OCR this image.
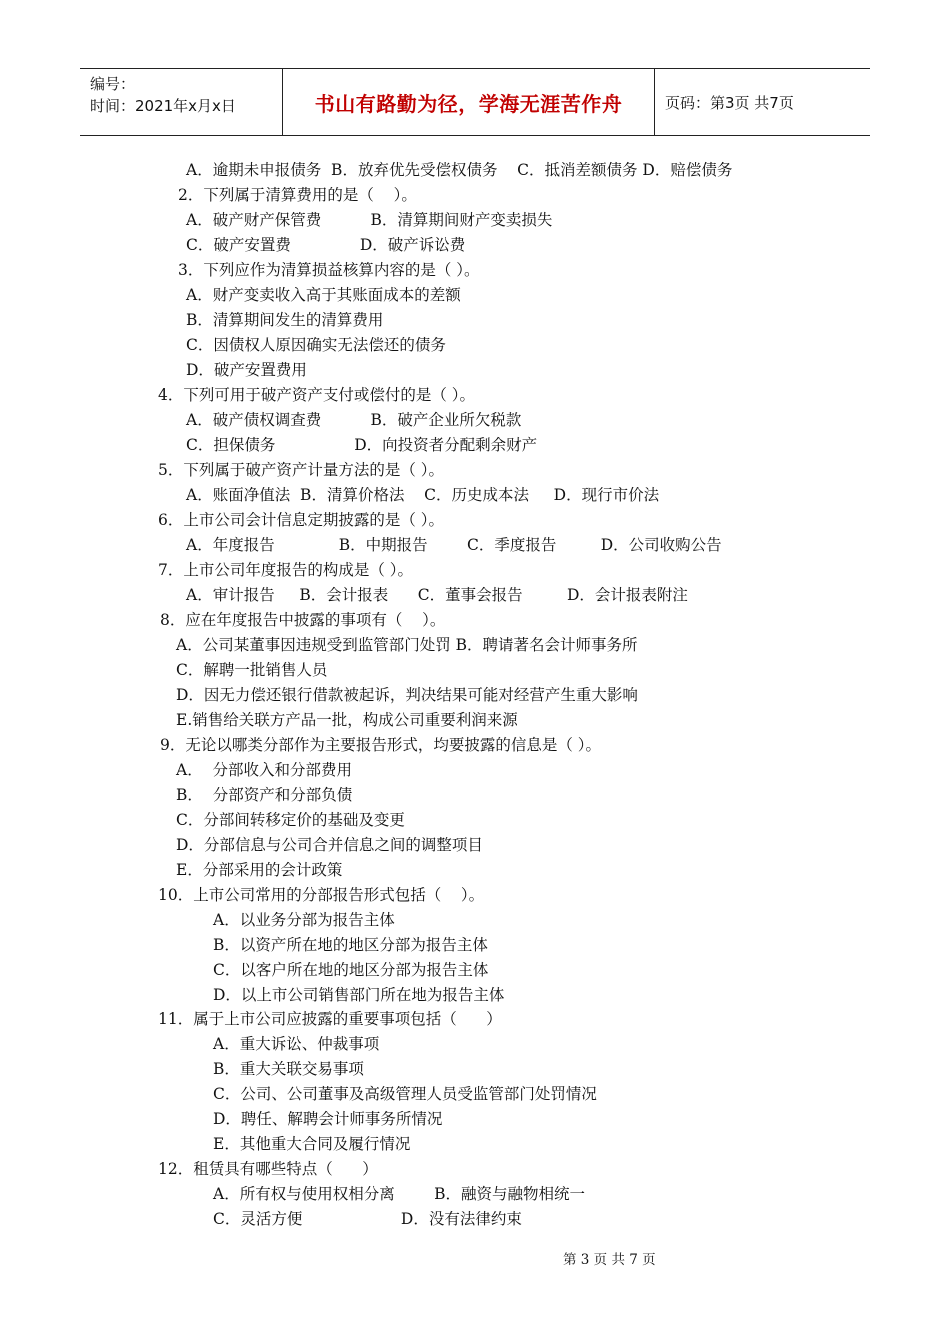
编号：
时间：2021年x月x日	书山有路勤为径，学海无涯苦作舟	页码：第3页 共7页
A．逾期未申报债务  B．放弃优先受偿权债务    C．抵消差额债务 D．赔偿债务
2．下列属于清算费用的是（    ）。
A．破产财产保管费          B．清算期间财产变卖损失
C．破产安置费              D．破产诉讼费
3．下列应作为清算损益核算内容的是（ ）。
A．财产变卖收入高于其账面成本的差额
B．清算期间发生的清算费用
C．因债权人原因确实无法偿还的债务
D．破产安置费用
4．下列可用于破产资产支付或偿付的是（ ）。
A．破产债权调查费          B．破产企业所欠税款
C．担保债务                D．向投资者分配剩余财产
5．下列属于破产资产计量方法的是（ ）。
A．账面净值法  B．清算价格法    C．历史成本法     D．现行市价法
6．上市公司会计信息定期披露的是（ ）。
A．年度报告             B．中期报告        C．季度报告         D．公司收购公告
7．上市公司年度报告的构成是（ ）。
A．审计报告     B．会计报表      C．董事会报告         D．会计报表附注
8．应在年度报告中披露的事项有（    ）。
A．公司某董事因违规受到监管部门处罚 B．聘请著名会计师事务所
C．解聘一批销售人员
D．因无力偿还银行借款被起诉，判决结果可能对经营产生重大影响
E.销售给关联方产品一批，构成公司重要利润来源
9．无论以哪类分部作为主要报告形式，均要披露的信息是（ ）。
A．  分部收入和分部费用
B．  分部资产和分部负债
C．分部间转移定价的基础及变更
D．分部信息与公司合并信息之间的调整项目
E．分部采用的会计政策
10．上市公司常用的分部报告形式包括（    ）。
A．以业务分部为报告主体
B．以资产所在地的地区分部为报告主体
C．以客户所在地的地区分部为报告主体
D．以上市公司销售部门所在地为报告主体
11．属于上市公司应披露的重要事项包括（      ）
A．重大诉讼、仲裁事项
B．重大关联交易事项
C．公司、公司董事及高级管理人员受监管部门处罚情况
D．聘任、解聘会计师事务所情况
E．其他重大合同及履行情况
12．租赁具有哪些特点（      ）
A．所有权与使用权相分离        B．融资与融物相统一
C．灵活方便                    D．没有法律约束
第 3 页 共 7 页
